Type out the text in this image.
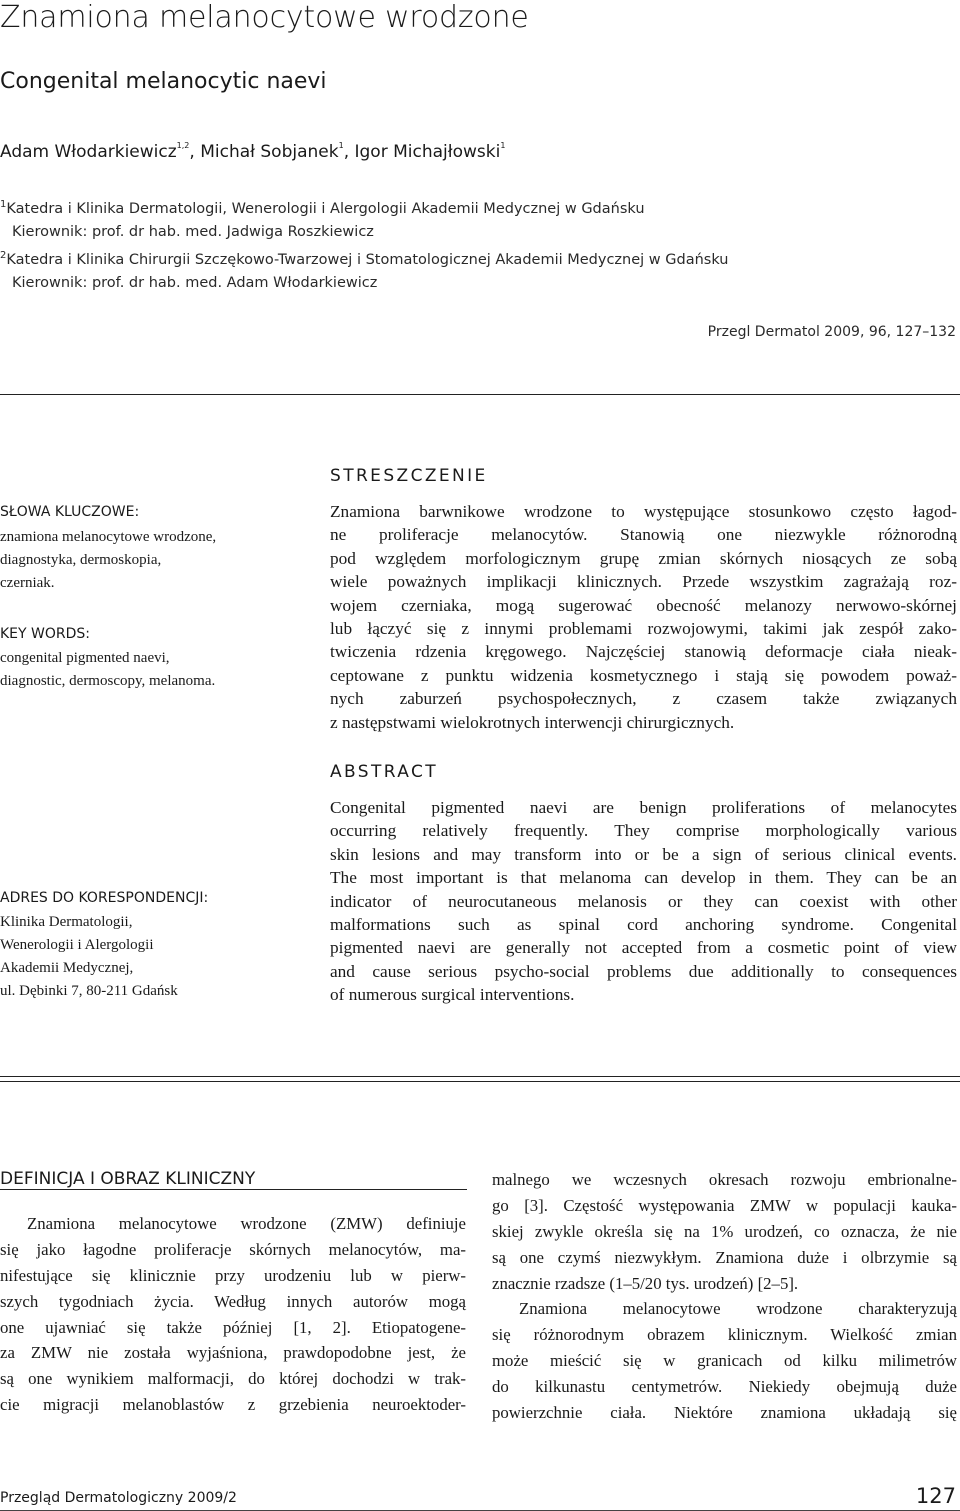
Znamiona melanocytowe wrodzone
Congenital melanocytic naevi
Adam Włodarkiewicz$^{1,2}$, Michał Sobjanek$^1$, Igor Michajłowski$^1$
$^1$Katedra i Klinika Dermatologii, Wenerologii i Alergologii Akademii Medycznej w Gdańsku
Kierownik: prof. dr hab. med. Jadwiga Roszkiewicz
$^2$Katedra i Klinika Chirurgii Szczękowo-Twarzowej i Stomatologicznej Akademii Medycznej w Gdańsku
Kierownik: prof. dr hab. med. Adam Włodarkiewicz
Przegl Dermatol 2009, 96, 127–132
SŁOWA KLUCZOWE:
znamiona melanocytowe wrodzone,
diagnostyka, dermoskopia,
czerniak.
KEY WORDS:
congenital pigmented naevi,
diagnostic, dermoscopy, melanoma.
ADRES DO KORESPONDENCJI:
Klinika Dermatologii,
Wenerologii i Alergologii
Akademii Medycznej,
ul. Dębinki 7, 80-211 Gdańsk
STRESZCZENIE
Znamiona barwnikowe wrodzone to występujące stosunkowo często łagod-
ne proliferacje melanocytów. Stanowią one niezwykle różnorodną
pod względem morfologicznym grupę zmian skórnych niosących ze sobą
wiele poważnych implikacji klinicznych. Przede wszystkim zagrażają roz-
wojem czerniaka, mogą sugerować obecność melanozy nerwowo-skórnej
lub łączyć się z innymi problemami rozwojowymi, takimi jak zespół zako-
twiczenia rdzenia kręgowego. Najczęściej stanowią deformacje ciała nieak-
ceptowane z punktu widzenia kosmetycznego i stają się powodem poważ-
nych zaburzeń psychospołecznych, z czasem także związanych
z następstwami wielokrotnych interwencji chirurgicznych.
ABSTRACT
Congenital pigmented naevi are benign proliferations of melanocytes
occurring relatively frequently. They comprise morphologically various
skin lesions and may transform into or be a sign of serious clinical events.
The most important is that melanoma can develop in them. They can be an
indicator of neurocutaneous melanosis or they can coexist with other
malformations such as spinal cord anchoring syndrome. Congenital
pigmented naevi are generally not accepted from a cosmetic point of view
and cause serious psycho-social problems due additionally to consequences
of numerous surgical interventions.
DEFINICJA I OBRAZ KLINICZNY
Znamiona melanocytowe wrodzone (ZMW) definiuje
się jako łagodne proliferacje skórnych melanocytów, ma-
nifestujące się klinicznie przy urodzeniu lub w pierw-
szych tygodniach życia. Według innych autorów mogą
one ujawniać się także później [1, 2]. Etiopatogene-
za ZMW nie została wyjaśniona, prawdopodobne jest, że
są one wynikiem malformacji, do której dochodzi w trak-
cie migracji melanoblastów z grzebienia neuroektoder-
malnego we wczesnych okresach rozwoju embrionalne-
go [3]. Częstość występowania ZMW w populacji kauka-
skiej zwykle określa się na 1% urodzeń, co oznacza, że nie
są one czymś niezwykłym. Znamiona duże i olbrzymie są
znacznie rzadsze (1–5/20 tys. urodzeń) [2–5].
Znamiona melanocytowe wrodzone charakteryzują
się różnorodnym obrazem klinicznym. Wielkość zmian
może mieścić się w granicach od kilku milimetrów
do kilkunastu centymetrów. Niekiedy obejmują duże
powierzchnie ciała. Niektóre znamiona układają się
Przegląd Dermatologiczny 2009/2	127
